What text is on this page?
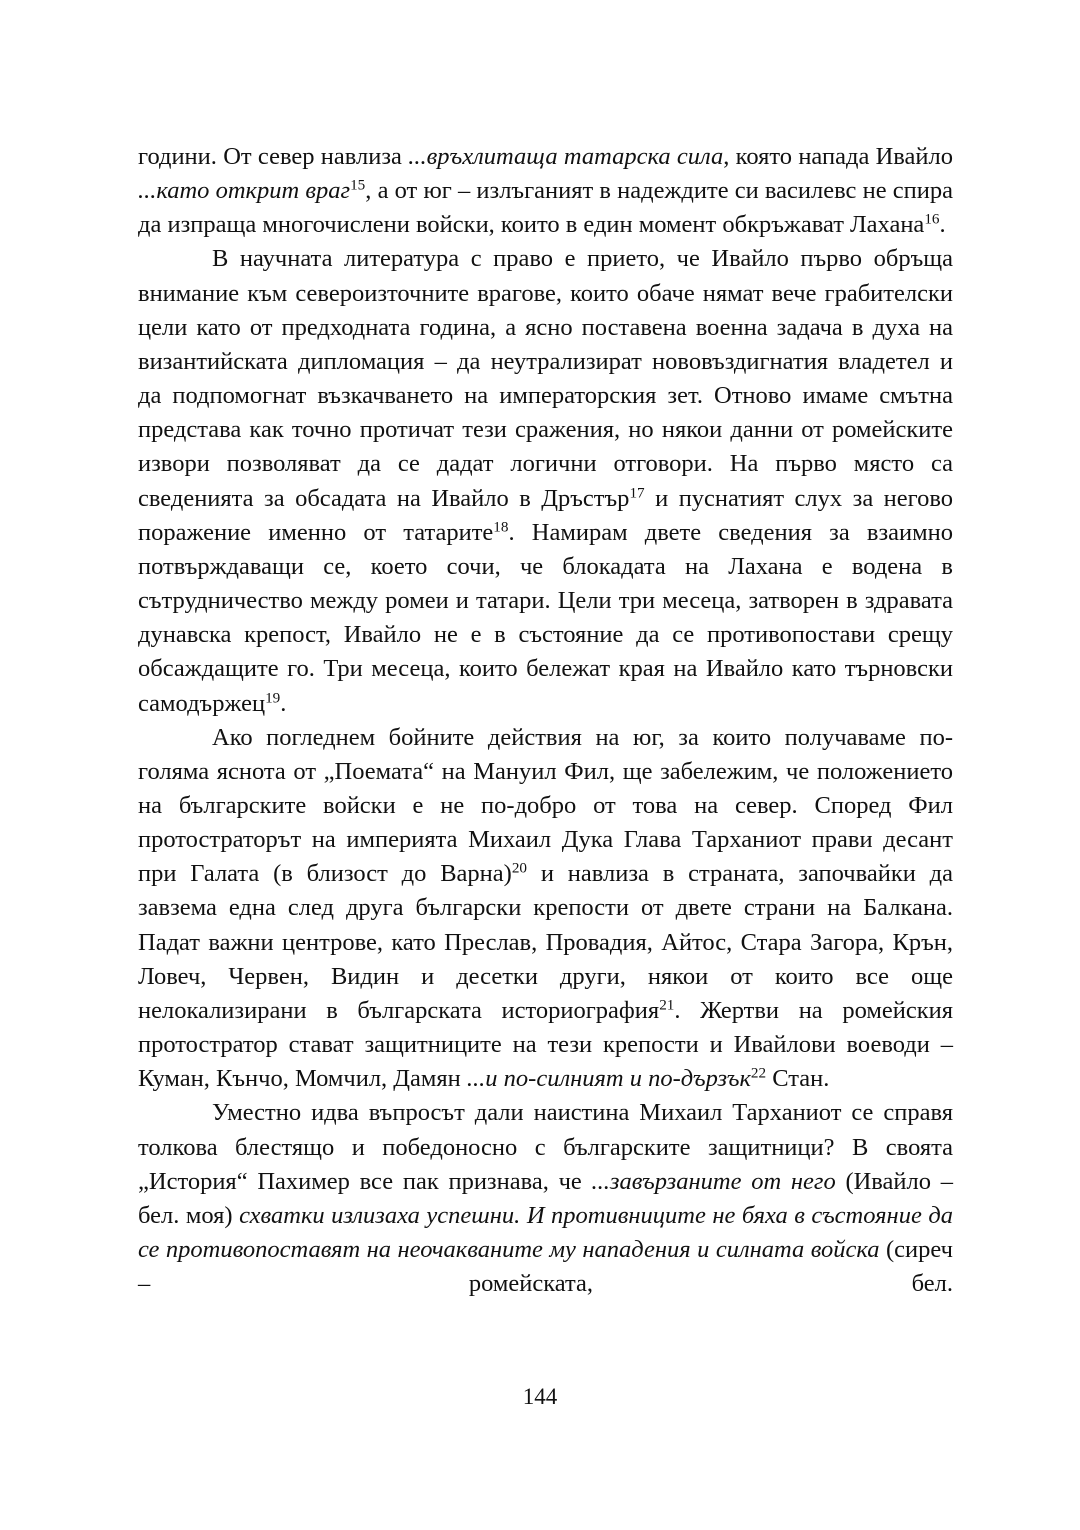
години. От север навлиза ...връхлитаща татарска сила, която напада Ивайло ...като открит враг$^{15}$, а от юг – излъганият в надеждите си василевс не спира да изпраща многочислени войски, които в един момент обкръжават Лахана$^{16}$.

В научната литература с право е прието, че Ивайло първо обръща внимание към североизточните врагове, които обаче нямат вече грабителски цели като от предходната година, а ясно поставена военна задача в духа на византийската дипломация – да неутрализират нововъздигнатия владетел и да подпомогнат възкачването на императорския зет. Отново имаме смътна представа как точно протичат тези сражения, но някои данни от ромейските извори позволяват да се дадат логични отговори. На първо място са сведенията за обсадата на Ивайло в Дръстър$^{17}$ и пуснатият слух за негово поражение именно от татарите$^{18}$. Намирам двете сведения за взаимно потвърждаващи се, което сочи, че блокадата на Лахана е водена в сътрудничество между ромеи и татари. Цели три месеца, затворен в здравата дунавска крепост, Ивайло не е в състояние да се противопостави срещу обсаждащите го. Три месеца, които бележат края на Ивайло като търновски самодържец$^{19}$.

Ако погледнем бойните действия на юг, за които получаваме по-голяма яснота от „Поемата“ на Мануил Фил, ще забележим, че положението на българските войски е не по-добро от това на север. Според Фил протостраторът на империята Михаил Дука Глава Тарханиот прави десант при Галата (в близост до Варна)$^{20}$ и навлиза в страната, започвайки да завзема една след друга български крепости от двете страни на Балкана. Падат важни центрове, като Преслав, Провадия, Айтос, Стара Загора, Крън, Ловеч, Червен, Видин и десетки други, някои от които все още нелокализирани в българската историография$^{21}$. Жертви на ромейския протостратор стават защитниците на тези крепости и Ивайлови воеводи – Куман, Кънчо, Момчил, Дамян ...и по-силният и по-дързък$^{22}$ Стан.

Уместно идва въпросът дали наистина Михаил Тарханиот се справя толкова блестящо и победоносно с българските защитници? В своята „История“ Пахимер все пак признава, че ...завързаните от него (Ивайло – бел. моя) схватки излизаха успешни. И противниците не бяха в състояние да се противопоставят на неочакваните му нападения и силната войска (сиреч – ромейската, бел.

144
